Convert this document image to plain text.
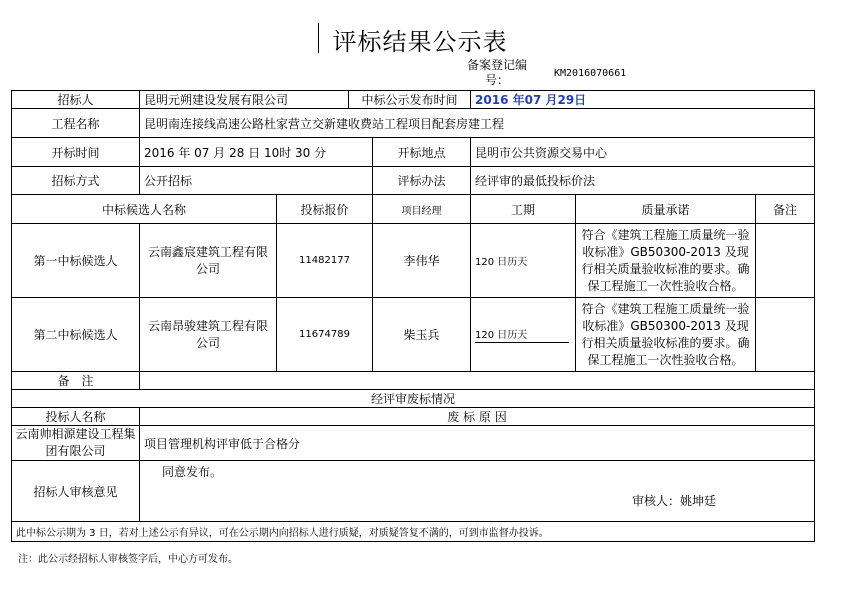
评标结果公示表
备案登记编号：	KM2016070661
招标人	昆明元朔建设发展有限公司		中标公示发布时间		2016 年07 月29日		
工程名称	昆明南连接线高速公路杜家营立交新建收费站工程项目配套房建工程						
开标时间	2016 年 07 月 28 日 10时 30 分			开标地点	昆明市公共资源交易中心		
招标方式	公开招标			评标办法	经评审的最低投标价法		
中标候选人名称		投标报价		项目经理	工期	质量承诺	备注
第一中标候选人	云南鑫宸建筑工程有限公司	11482177		李伟华	120 日历天	符合《建筑工程施工质量统一验收标准》GB50300-2013 及现行相关质量验收标准的要求。确保工程施工一次性验收合格。	
第二中标候选人	云南昂骏建筑工程有限公司	11674789		柴玉兵	120 日历天	符合《建筑工程施工质量统一验收标准》GB50300-2013 及现行相关质量验收标准的要求。确保工程施工一次性验收合格。	
备　注							
经评审废标情况							
投标人名称	废 标 原 因						
云南帅相源建设工程集团有限公司	项目管理机构评审低于合格分						
招标人审核意见	同意发布。
审核人：姚坤廷						

此中标公示期为 3 日，若对上述公示有异议，可在公示期内向招标人进行质疑，对质疑答复不满的，可到市监督办投诉。							
注：此公示经招标人审核签字后，中心方可发布。
